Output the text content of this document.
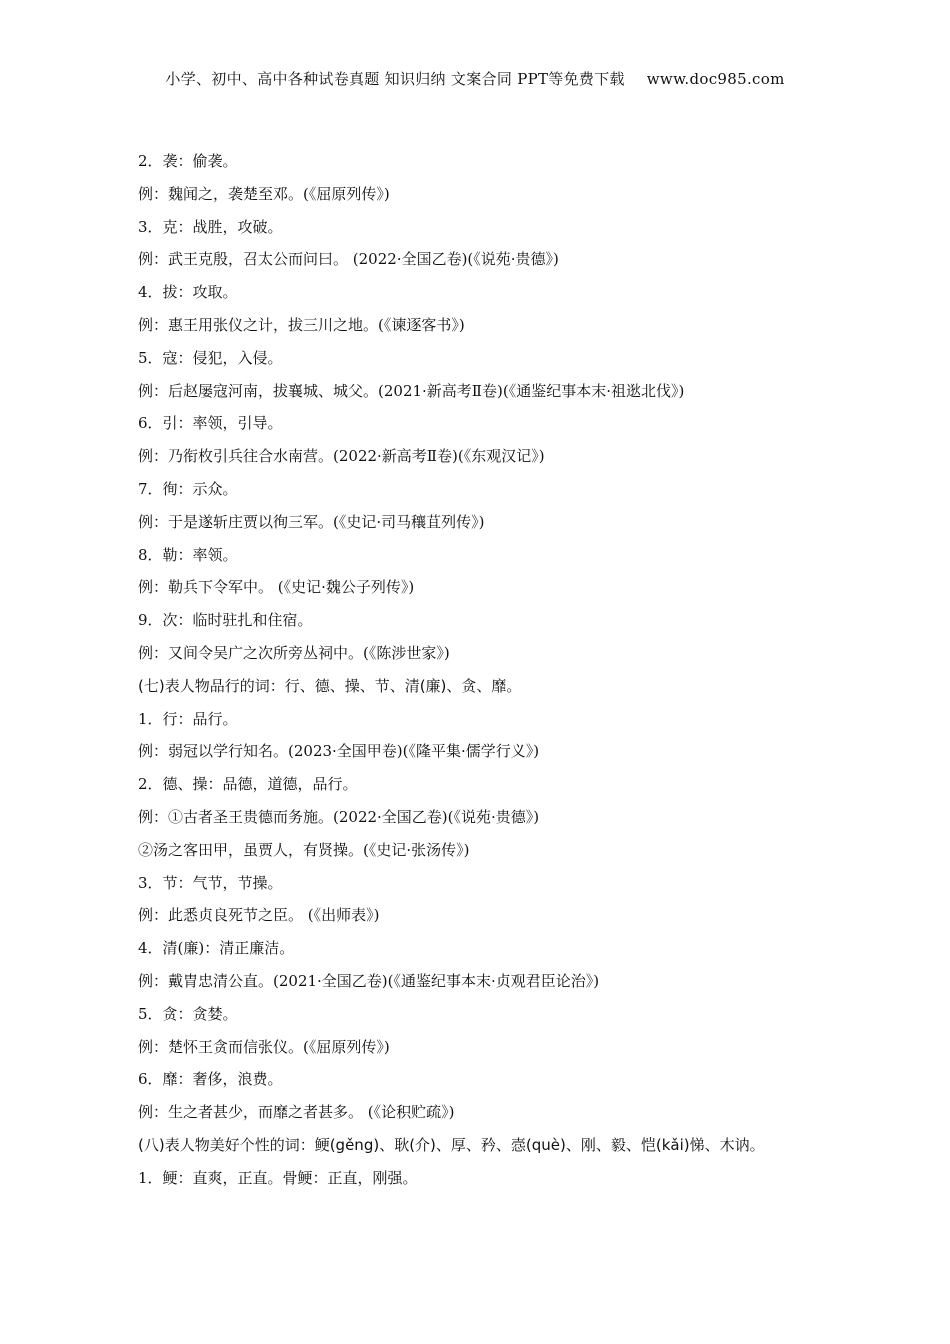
小学、初中、高中各种试卷真题 知识归纳 文案合同 PPT等免费下载 www.doc985.com
2．袭：偷袭。
例：魏闻之，袭楚至邓。(《屈原列传》)
3．克：战胜，攻破。
例：武王克殷，召太公而问曰。 (2022·全国乙卷)(《说苑·贵德》)
4．拔：攻取。
例：惠王用张仪之计，拔三川之地。(《谏逐客书》)
5．寇：侵犯，入侵。
例：后赵屡寇河南，拔襄城、城父。(2021·新高考Ⅱ卷)(《通鉴纪事本末·祖逖北伐》)
6．引：率领，引导。
例：乃衔枚引兵往合水南营。(2022·新高考Ⅱ卷)(《东观汉记》)
7．徇：示众。
例：于是遂斩庄贾以徇三军。(《史记·司马穰苴列传》)
8．勒：率领。
例：勒兵下令军中。 (《史记·魏公子列传》)
9．次：临时驻扎和住宿。
例：又间令吴广之次所旁丛祠中。(《陈涉世家》)
(七)表人物品行的词：行、德、操、节、清(廉)、贪、靡。
1．行：品行。
例：弱冠以学行知名。(2023·全国甲卷)(《隆平集·儒学行义》)
2．德、操：品德，道德，品行。
例：①古者圣王贵德而务施。(2022·全国乙卷)(《说苑·贵德》)
②汤之客田甲，虽贾人，有贤操。(《史记·张汤传》)
3．节：气节，节操。
例：此悉贞良死节之臣。 (《出师表》)
4．清(廉)：清正廉洁。
例：戴胄忠清公直。(2021·全国乙卷)(《通鉴纪事本末·贞观君臣论治》)
5．贪：贪婪。
例：楚怀王贪而信张仪。(《屈原列传》)
6．靡：奢侈，浪费。
例：生之者甚少，而靡之者甚多。 (《论积贮疏》)
(八)表人物美好个性的词：鲠(gěng)、耿(介)、厚、矜、悫(què)、刚、毅、恺(kǎi)悌、木讷。
1．鲠：直爽，正直。骨鲠：正直，刚强。
